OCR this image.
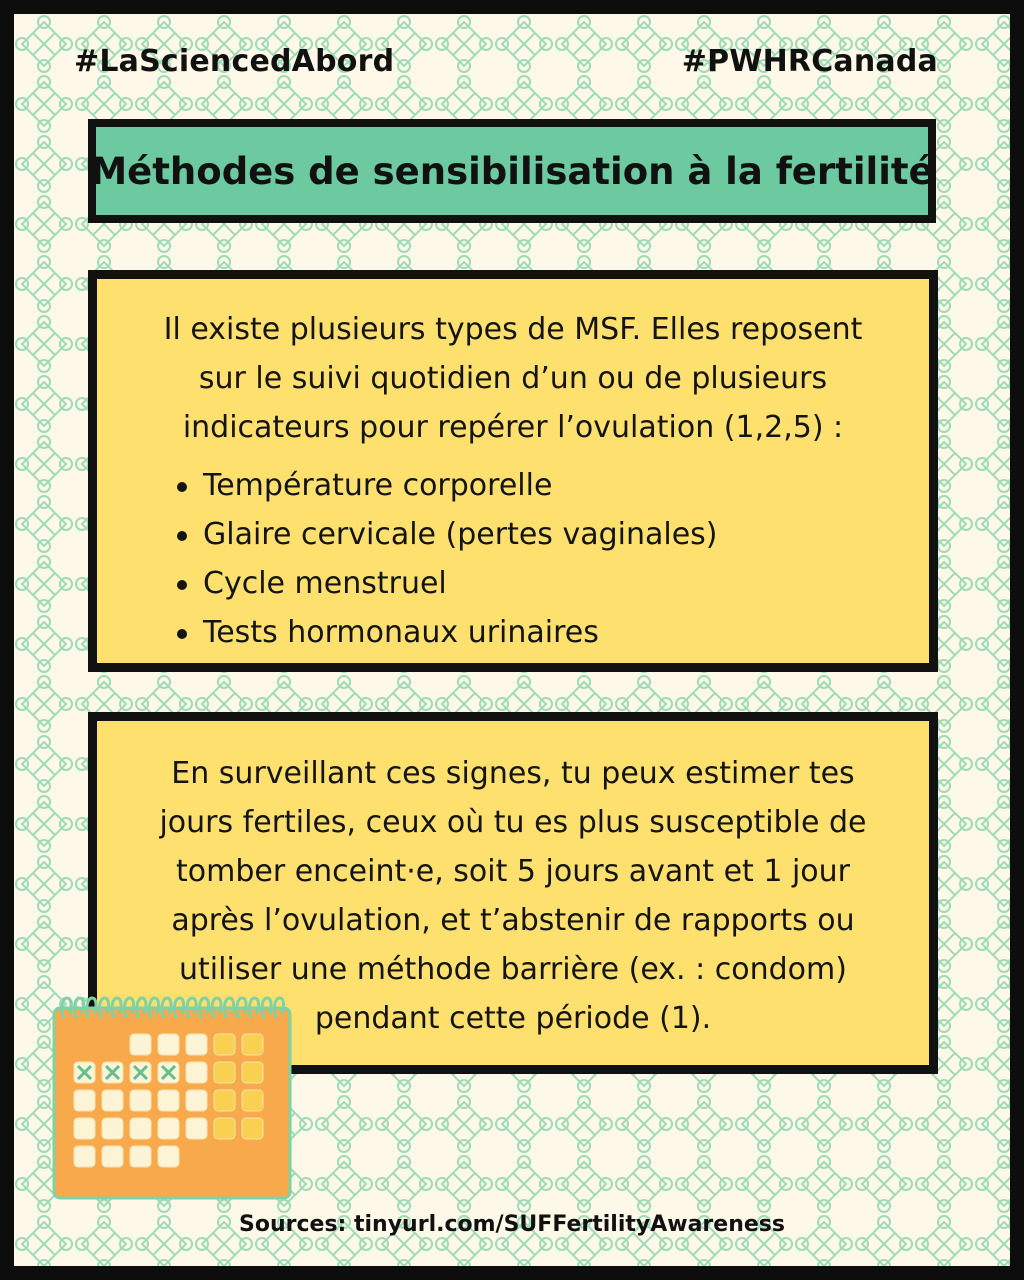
#LaSciencedAbord	#PWHRCanada
Méthodes de sensibilisation à la fertilité

Il existe plusieurs types de MSF. Elles reposent sur le suivi quotidien d’un ou de plusieurs indicateurs pour repérer l’ovulation (1,2,5) :

Température corporelle
Glaire cervicale (pertes vaginales)
Cycle menstruel
Tests hormonaux urinaires

En surveillant ces signes, tu peux estimer tes jours fertiles, ceux où tu es plus susceptible de tomber enceint·e, soit 5 jours avant et 1 jour après l’ovulation, et t’abstenir de rapports ou utiliser une méthode barrière (ex. : condom) pendant cette période (1).

Sources: tinyurl.com/SUFFertilityAwareness
